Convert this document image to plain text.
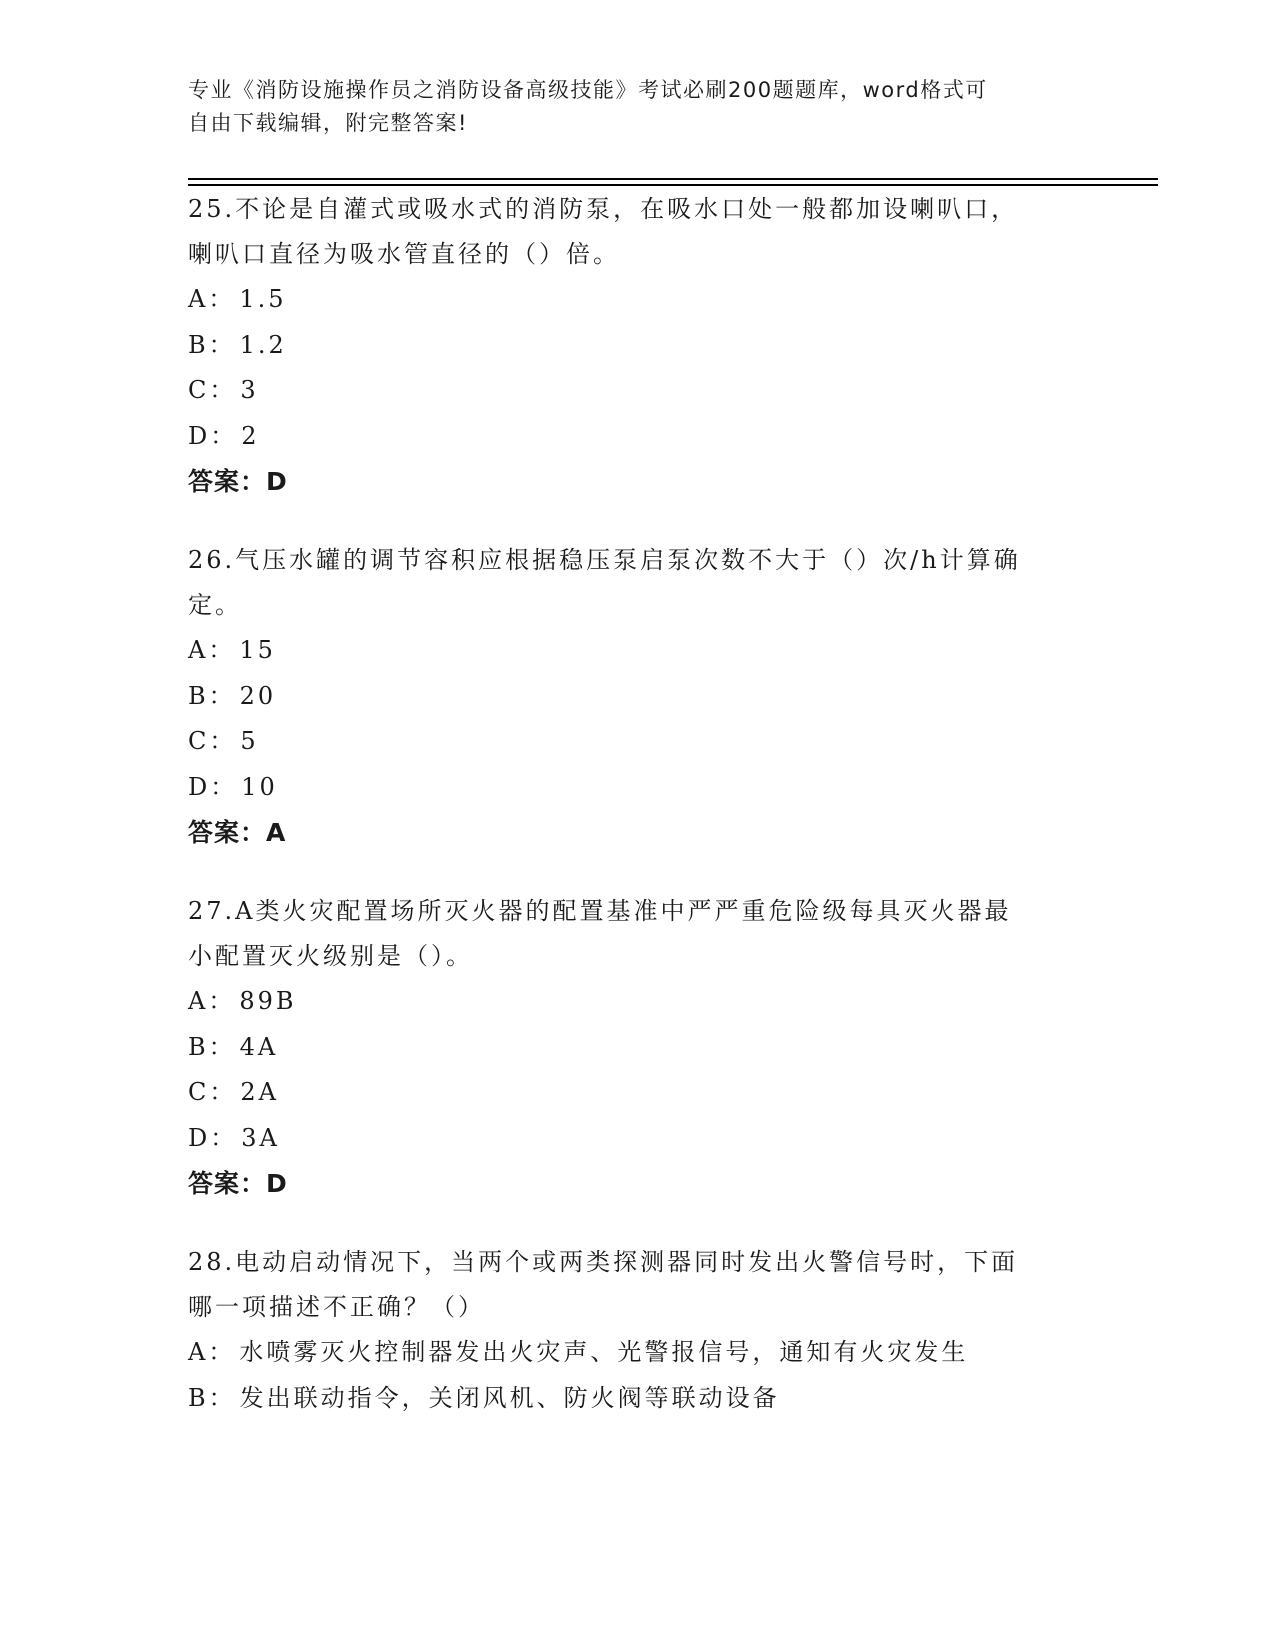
专业《消防设施操作员之消防设备高级技能》考试必刷200题题库，word格式可
自由下载编辑，附完整答案!
25.不论是自灌式或吸水式的消防泵，在吸水口处一般都加设喇叭口，
喇叭口直径为吸水管直径的（）倍。
A： 1.5
B： 1.2
C： 3
D： 2
答案：D
26.气压水罐的调节容积应根据稳压泵启泵次数不大于（）次/h计算确
定。
A： 15
B： 20
C： 5
D： 10
答案：A
27.A类火灾配置场所灭火器的配置基准中严严重危险级每具灭火器最
小配置灭火级别是（）。
A： 89B
B： 4A
C： 2A
D： 3A
答案：D
28.电动启动情况下，当两个或两类探测器同时发出火警信号时，下面
哪一项描述不正确？（）
A： 水喷雾灭火控制器发出火灾声、光警报信号，通知有火灾发生
B： 发出联动指令，关闭风机、防火阀等联动设备
